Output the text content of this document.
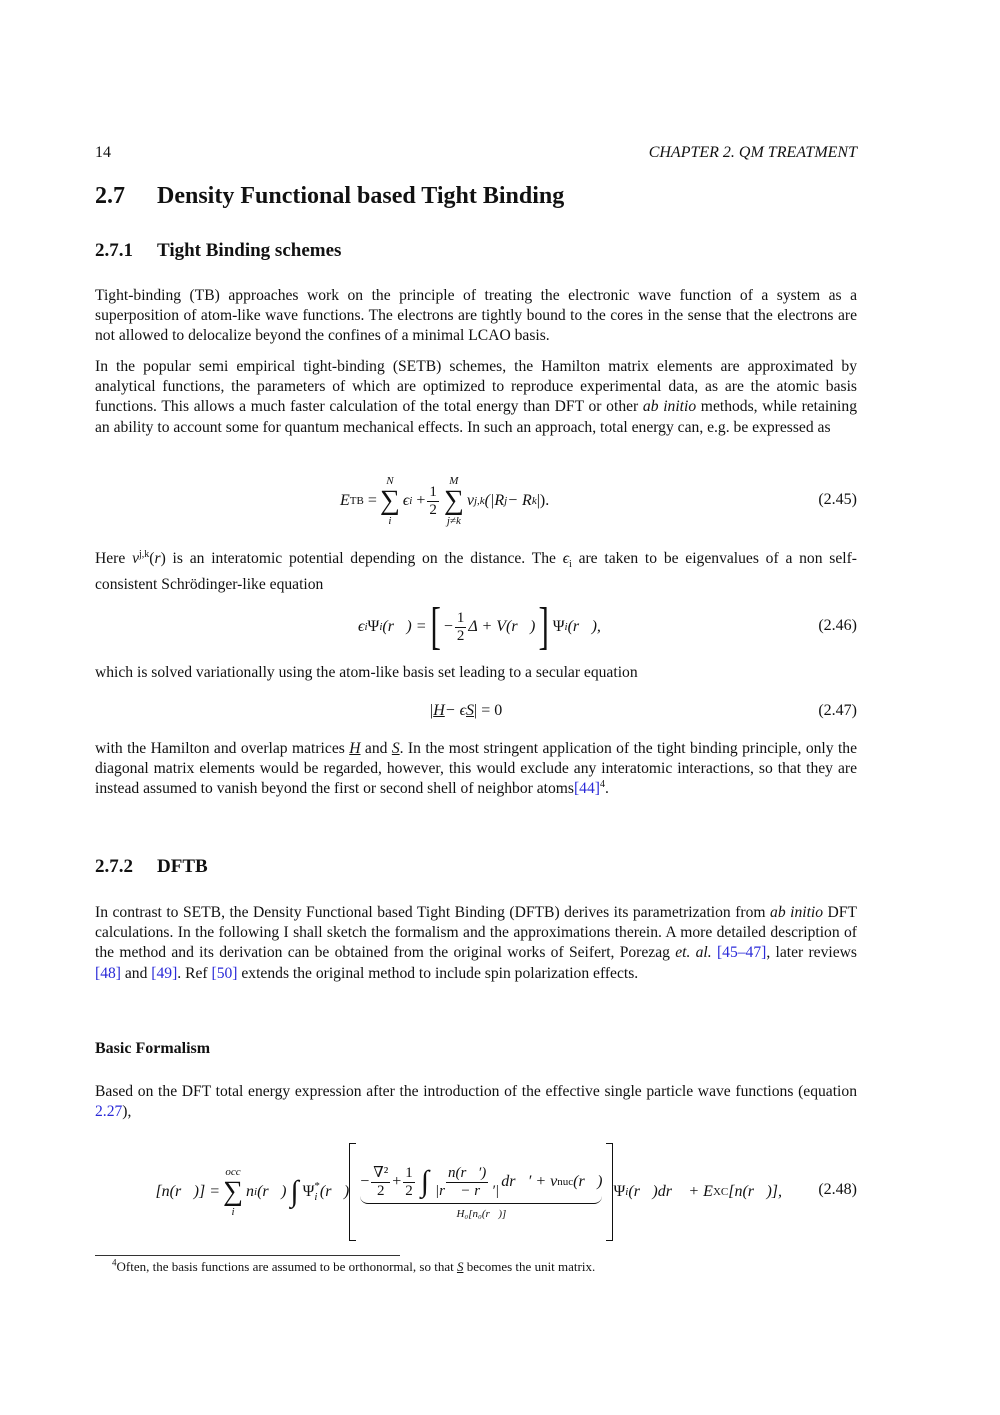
14	CHAPTER 2. QM TREATMENT
2.7 Density Functional based Tight Binding
2.7.1 Tight Binding schemes

Tight-binding (TB) approaches work on the principle of treating the electronic wave function of a system as a superposition of atom-like wave functions. The electrons are tightly bound to the cores in the sense that the electrons are not allowed to delocalize beyond the confines of a minimal LCAO basis.

In the popular semi empirical tight-binding (SETB) schemes, the Hamilton matrix elements are approximated by analytical functions, the parameters of which are optimized to reproduce experimental data, as are the atomic basis functions. This allows a much faster calculation of the total energy than DFT or other ab initio methods, while retaining an ability to account some for quantum mechanical effects. In such an approach, total energy can, e.g. be expressed as

E TB =
N
∑
i
ϵ i
+ $\frac{1}{2}$
M
∑
j≠k
v j,k (|R j − R k |).	(2.45)

Here $v^{j,k}(r)$ is an interatomic potential depending on the distance. The $\epsilon_i$ are taken to be eigenvalues of a non self-consistent Schrödinger-like equation

ϵ i Ψ i (r⃗) = [ − $\frac{1}{2}$ Δ + V(r⃗) ] Ψ i (r⃗),	(2.46)

which is solved variationally using the atom-like basis set leading to a secular equation

| H − ϵ S | = 0	(2.47)

with the Hamilton and overlap matrices H and S. In the most stringent application of the tight binding principle, only the diagonal matrix elements would be regarded, however, this would exclude any interatomic interactions, so that they are instead assumed to vanish beyond the first or second shell of neighbor $atoms[44]^4$.

2.7.2 DFTB

In contrast to SETB, the Density Functional based Tight Binding (DFTB) derives its parametrization from ab initio DFT calculations. In the following I shall sketch the formalism and the approximations therein. A more detailed description of the method and its derivation can be obtained from the original works of Seifert, Porezag et. al. [45–47], later reviews [48] and [49]. Ref [50] extends the original method to include spin polarization effects.

Basic Formalism

Based on the DFT total energy expression after the introduction of the effective single particle wave functions (equation 2.27),

ℰ[n(r⃗)] =
occ
∑
i
n i (r⃗) ∫ Ψ *
i (r⃗)
− $\frac{\text{∇²}}{2} + \frac{1}{2}$ ∫ $\frac{n(r⃗')}{|r⃗ - r⃗'|}$ dr⃗′ + v nuc (r⃗)
H₀[n₀(r⃗)]
Ψ i (r⃗)dr⃗ + E XC [n(r⃗)], (2.48)
$^4$Often, the basis functions are assumed to be orthonormal, so that S becomes the unit matrix.
